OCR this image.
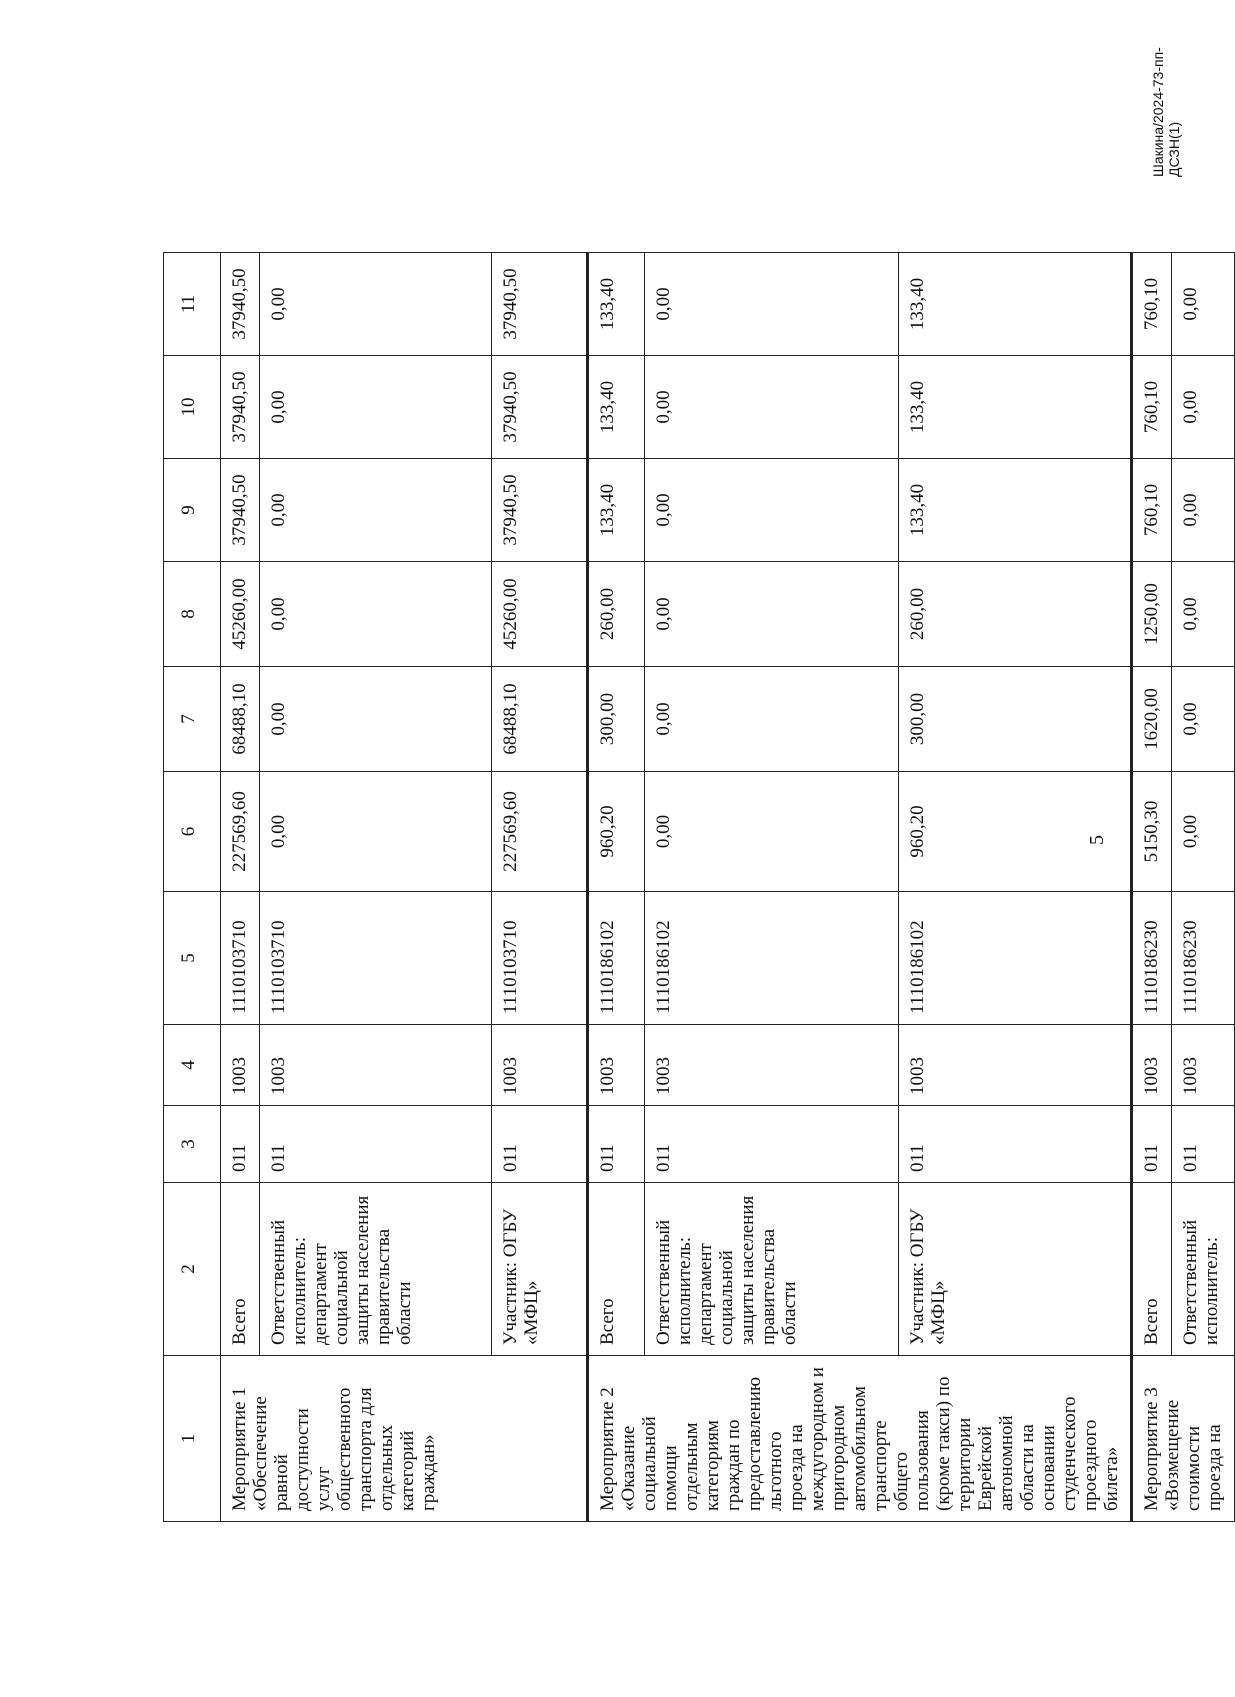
5
1	2	3	4	5	6	7	8	9	10	11
Мероприятие 1 «Обеспечение равной доступности услуг общественного транспорта для отдельных категорий граждан»	Всего	011	1003	1110103710	227569,60	68488,10	45260,00	37940,50	37940,50	37940,50
	Ответственный исполнитель: департамент социальной защиты населения правительства области	011	1003	1110103710	0,00	0,00	0,00	0,00	0,00	0,00
	Участник: ОГБУ «МФЦ»	011	1003	1110103710	227569,60	68488,10	45260,00	37940,50	37940,50	37940,50
Мероприятие 2 «Оказание социальной помощи отдельным категориям граждан по предоставлению льготного проезда на междугородном и пригородном автомобильном транспорте общего пользования (кроме такси) по территории Еврейской автономной области на основании студенческого проездного билета»	Всего	011	1003	1110186102	960,20	300,00	260,00	133,40	133,40	133,40
	Ответственный исполнитель: департамент социальной защиты населения правительства области	011	1003	1110186102	0,00	0,00	0,00	0,00	0,00	0,00
	Участник: ОГБУ «МФЦ»	011	1003	1110186102	960,20	300,00	260,00	133,40	133,40	133,40
Мероприятие 3 «Возмещение стоимости проезда на	Всего	011	1003	1110186230	5150,30	1620,00	1250,00	760,10	760,10	760,10
	Ответственный исполнитель:	011	1003	1110186230	0,00	0,00	0,00	0,00	0,00	0,00
Шакина/2024-73-пп-ДСЗН(1)
